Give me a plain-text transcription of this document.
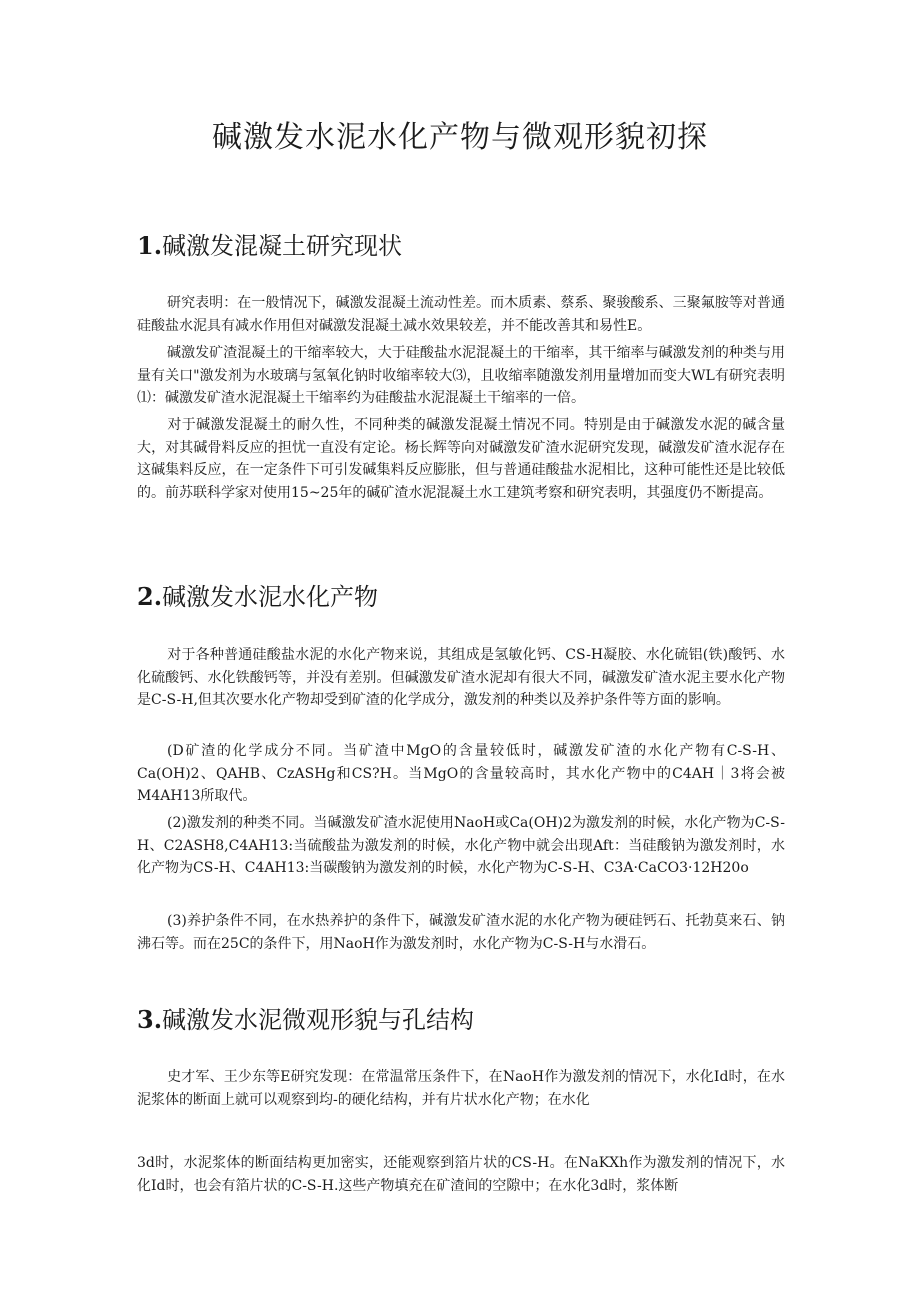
碱激发水泥水化产物与微观形貌初探
1.碱激发混凝土研究现状

研究表明：在一般情况下，碱激发混凝土流动性差。而木质素、蔡系、聚骏酸系、三聚氟胺等对普通硅酸盐水泥具有减水作用但对碱激发混凝土减水效果较差，并不能改善其和易性E。

碱激发矿渣混凝土的干缩率较大，大于硅酸盐水泥混凝土的干缩率，其干缩率与碱激发剂的种类与用量有关口"激发剂为水玻璃与氢氧化钠时收缩率较大⑶，且收缩率随激发剂用量增加而变大WL有研究表明⑴：碱激发矿渣水泥混凝土干缩率约为硅酸盐水泥混凝土干缩率的一倍。

对于碱激发混凝土的耐久性，不同种类的碱激发混凝土情况不同。特别是由于碱激发水泥的碱含量大，对其碱骨料反应的担忧一直没有定论。杨长辉等向对碱激发矿渣水泥研究发现，碱激发矿渣水泥存在这碱集料反应，在一定条件下可引发碱集料反应膨胀，但与普通硅酸盐水泥相比，这种可能性还是比较低的。前苏联科学家对使用15~25年的碱矿渣水泥混凝土水工建筑考察和研究表明，其强度仍不断提高。

2.碱激发水泥水化产物

对于各种普通硅酸盐水泥的水化产物来说，其组成是氢敏化钙、CS-H凝胶、水化硫铝(铁)酸钙、水化硫酸钙、水化铁酸钙等，并没有差别。但碱激发矿渣水泥却有很大不同，碱激发矿渣水泥主要水化产物是C-S-H,但其次要水化产物却受到矿渣的化学成分，激发剂的种类以及养护条件等方面的影响。

(D矿渣的化学成分不同。当矿渣中MgO的含量较低时，碱激发矿渣的水化产物有C-S-H、Ca(OH)2、QAHB、CzASHg和CS?H。当MgO的含量较高时，其水化产物中的C4AH｜3将会被M4AH13所取代。

(2)激发剂的种类不同。当碱激发矿渣水泥使用NaoH或Ca(OH)2为激发剂的时候，水化产物为C-S-H、C2ASH8,C4AH13:当硫酸盐为激发剂的时候，水化产物中就会出现Aft：当硅酸钠为激发剂时，水化产物为CS-H、C4AH13:当碳酸钠为激发剂的时候，水化产物为C-S-H、C3A·CaCO3·12H20o

(3)养护条件不同，在水热养护的条件下，碱激发矿渣水泥的水化产物为硬硅钙石、托勃莫来石、钠沸石等。而在25C的条件下，用NaoH作为激发剂时，水化产物为C-S-H与水滑石。

3.碱激发水泥微观形貌与孔结构

史才军、王少东等E研究发现：在常温常压条件下，在NaoH作为激发剂的情况下，水化Id时，在水泥浆体的断面上就可以观察到均-的硬化结构，并有片状水化产物；在水化

3d时，水泥浆体的断面结构更加密实，还能观察到箔片状的CS-H。在NaKXh作为激发剂的情况下，水化Id时，也会有箔片状的C-S-H.这些产物填充在矿渣间的空隙中；在水化3d时，浆体断
